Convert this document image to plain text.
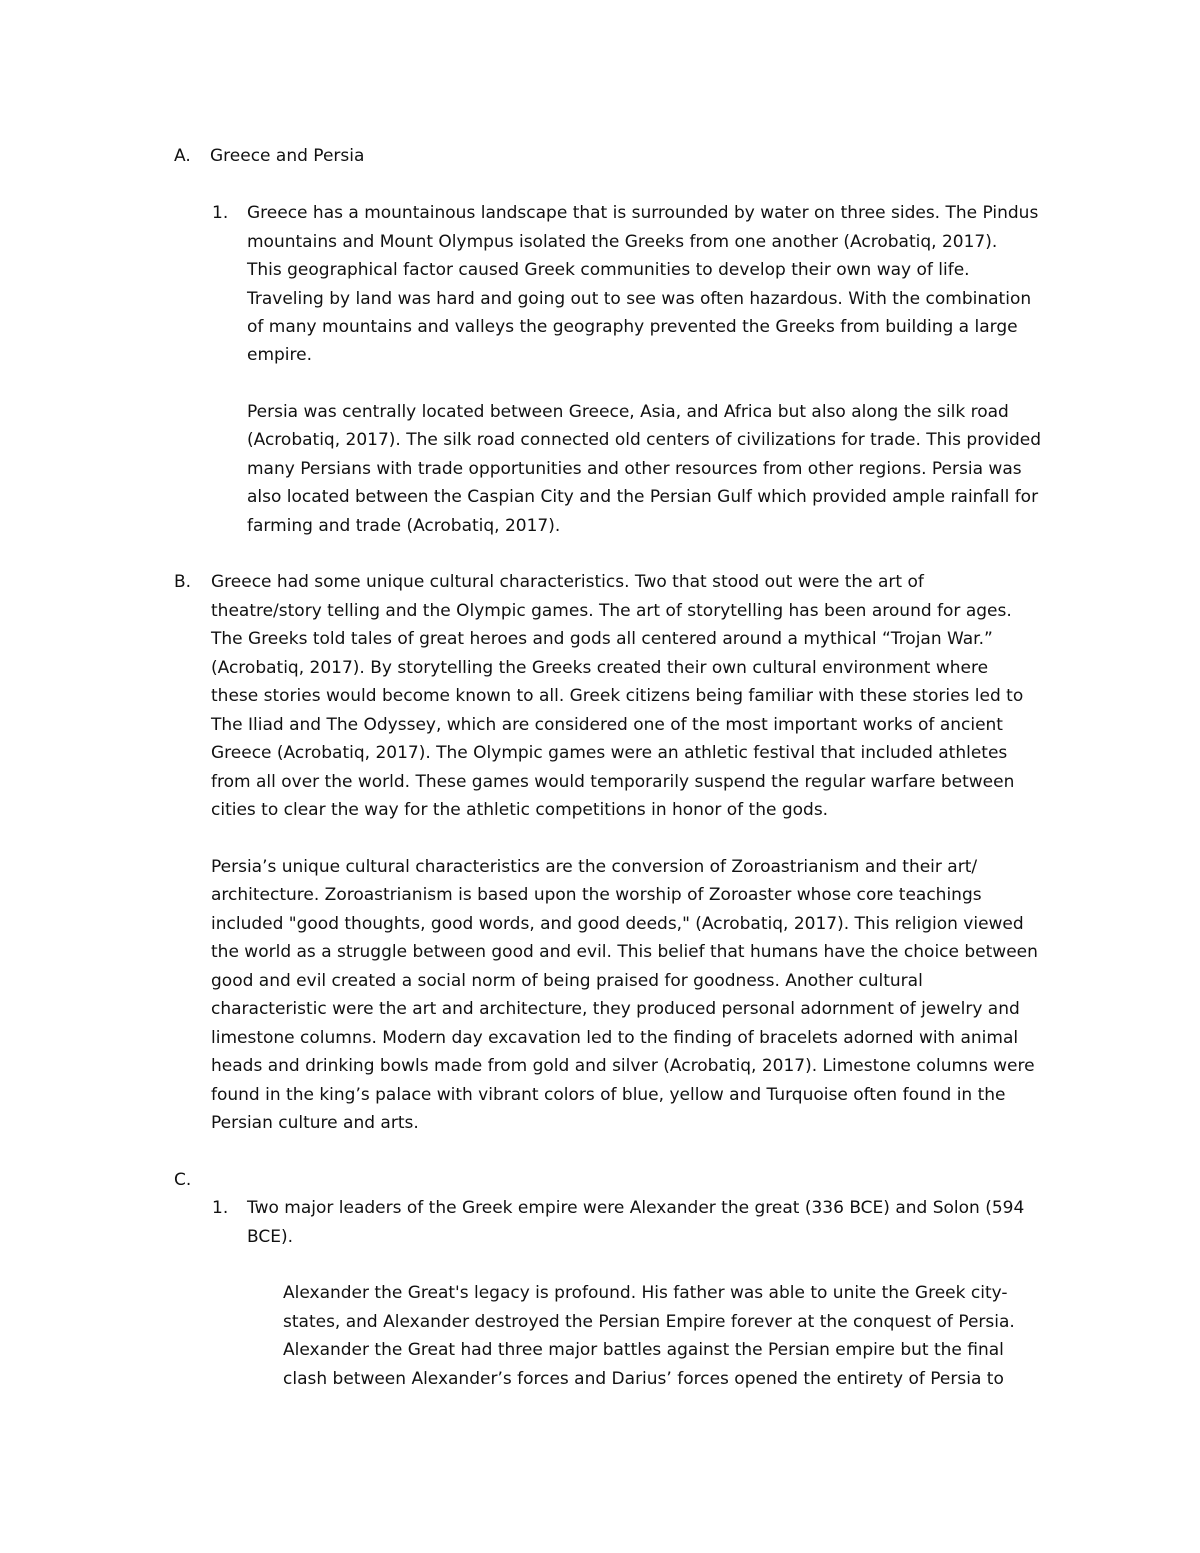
A. Greece and Persia
1. Greece has a mountainous landscape that is surrounded by water on three sides. The Pindus
mountains and Mount Olympus isolated the Greeks from one another (Acrobatiq, 2017).
This geographical factor caused Greek communities to develop their own way of life.
Traveling by land was hard and going out to see was often hazardous. With the combination
of many mountains and valleys the geography prevented the Greeks from building a large
empire.
Persia was centrally located between Greece, Asia, and Africa but also along the silk road
(Acrobatiq, 2017). The silk road connected old centers of civilizations for trade. This provided
many Persians with trade opportunities and other resources from other regions. Persia was
also located between the Caspian City and the Persian Gulf which provided ample rainfall for
farming and trade (Acrobatiq, 2017).
B. Greece had some unique cultural characteristics. Two that stood out were the art of
theatre/story telling and the Olympic games. The art of storytelling has been around for ages.
The Greeks told tales of great heroes and gods all centered around a mythical “Trojan War.”
(Acrobatiq, 2017). By storytelling the Greeks created their own cultural environment where
these stories would become known to all. Greek citizens being familiar with these stories led to
The Iliad and The Odyssey, which are considered one of the most important works of ancient
Greece (Acrobatiq, 2017). The Olympic games were an athletic festival that included athletes
from all over the world. These games would temporarily suspend the regular warfare between
cities to clear the way for the athletic competitions in honor of the gods.
Persia’s unique cultural characteristics are the conversion of Zoroastrianism and their art/
architecture. Zoroastrianism is based upon the worship of Zoroaster whose core teachings
included "good thoughts, good words, and good deeds," (Acrobatiq, 2017). This religion viewed
the world as a struggle between good and evil. This belief that humans have the choice between
good and evil created a social norm of being praised for goodness. Another cultural
characteristic were the art and architecture, they produced personal adornment of jewelry and
limestone columns. Modern day excavation led to the finding of bracelets adorned with animal
heads and drinking bowls made from gold and silver (Acrobatiq, 2017). Limestone columns were
found in the king’s palace with vibrant colors of blue, yellow and Turquoise often found in the
Persian culture and arts.
C.
1. Two major leaders of the Greek empire were Alexander the great (336 BCE) and Solon (594
BCE).
Alexander the Great's legacy is profound. His father was able to unite the Greek city-
states, and Alexander destroyed the Persian Empire forever at the conquest of Persia.
Alexander the Great had three major battles against the Persian empire but the final
clash between Alexander’s forces and Darius’ forces opened the entirety of Persia to
